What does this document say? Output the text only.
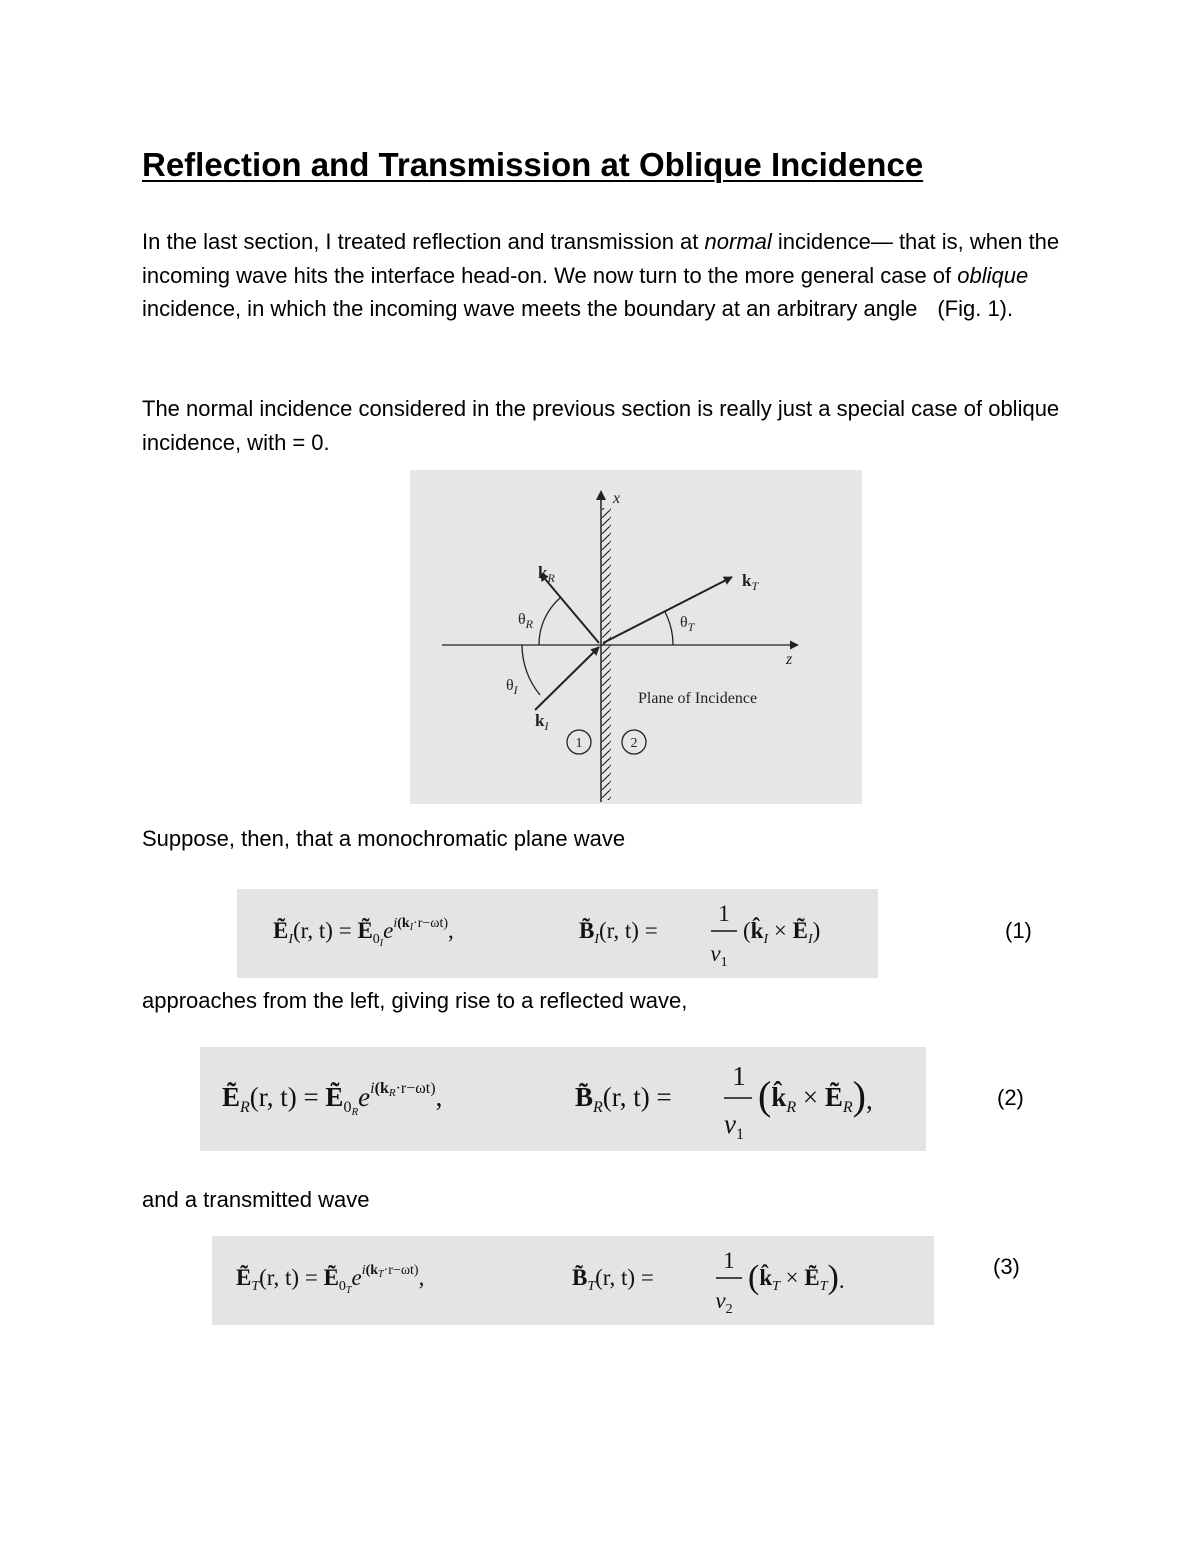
Reflection and Transmission at Oblique Incidence

In the last section, I treated reflection and transmission at normal incidence— that is, when the incoming wave hits the interface head-on. We now turn to the more general case of oblique incidence, in which the incoming wave meets the boundary at an arbitrary angle (Fig. 1).

The normal incidence considered in the previous section is really just a special case of oblique incidence, with = 0.

x
z
$k_R$	$k_T$
$k_I$
$\theta_R$	$\theta_T$
$\theta_I$	Plane of Incidence
1	2

Suppose, then, that a monochromatic plane wave

Ẽ$_I$(r, $t) = Ẽ_0Ie^i(kI\cdot r-\omega t)$,	$B̃_I(r$, t) =
1
$v_1$
($k̂_I$ × Ẽ$_I$)	(1)

approaches from the left, giving rise to a reflected wave,

Ẽ$_R$(r, $t) = Ẽ_0Re^i(kR\cdot r-\omega t)$,	$B̃_R(r$, t) =
1
$v_1$
($k̂_R$ × Ẽ$_R$),	(2)

and a transmitted wave

Ẽ$_T$(r, $t) = Ẽ_0Te^i(kT\cdot r-\omega t)$,	$B̃_T(r$, t) =
1
$v_2$
($k̂_T$ × Ẽ$_T$).
(3)
